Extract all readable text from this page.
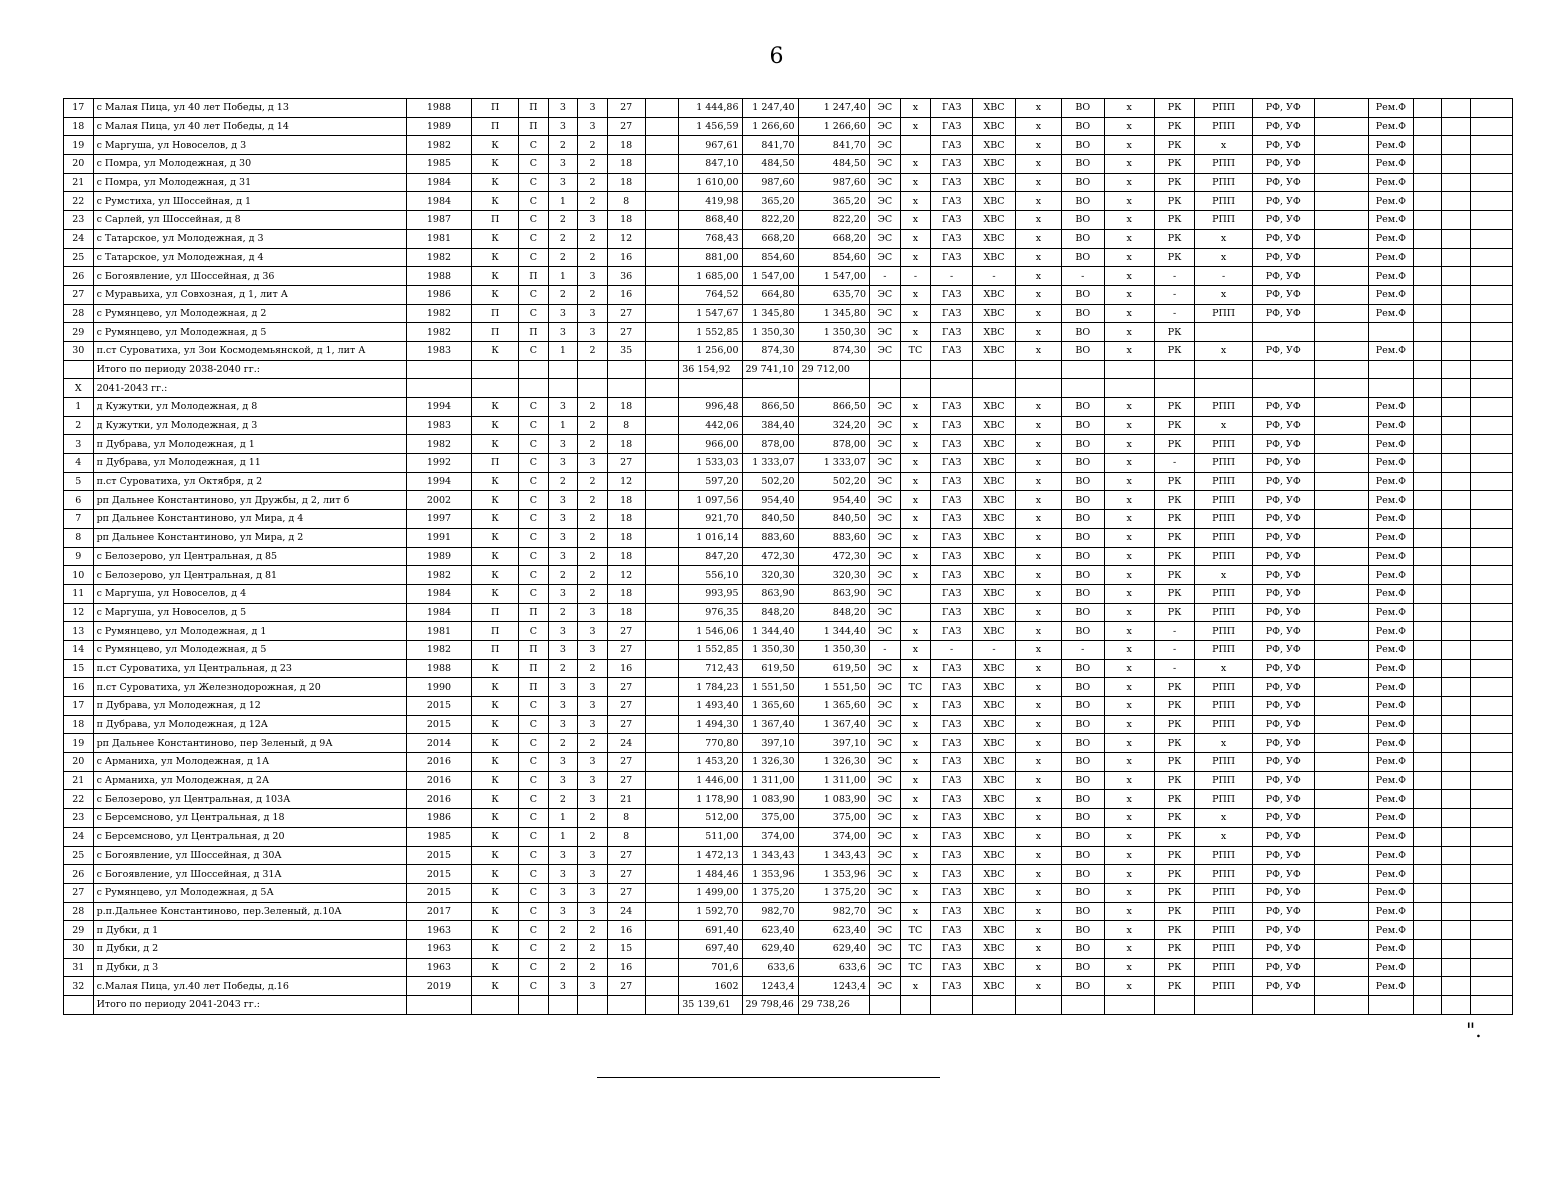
6
17	с Малая Пица, ул 40 лет Победы, д 13	1988	П	П	3	3	27		1 444,86	1 247,40	1 247,40	ЭС	х	ГАЗ	ХВС	х	ВО	х	РК	РПП	РФ, УФ		Рем.Ф			
18	с Малая Пица, ул 40 лет Победы, д 14	1989	П	П	3	3	27		1 456,59	1 266,60	1 266,60	ЭС	х	ГАЗ	ХВС	х	ВО	х	РК	РПП	РФ, УФ		Рем.Ф			
19	с Маргуша, ул Новоселов, д 3	1982	К	С	2	2	18		967,61	841,70	841,70	ЭС		ГАЗ	ХВС	х	ВО	х	РК	х	РФ, УФ		Рем.Ф			
20	с Помра, ул Молодежная, д 30	1985	К	С	3	2	18		847,10	484,50	484,50	ЭС	х	ГАЗ	ХВС	х	ВО	х	РК	РПП	РФ, УФ		Рем.Ф			
21	с Помра, ул Молодежная, д 31	1984	К	С	3	2	18		1 610,00	987,60	987,60	ЭС	х	ГАЗ	ХВС	х	ВО	х	РК	РПП	РФ, УФ		Рем.Ф			
22	с Румстиха, ул Шоссейная, д 1	1984	К	С	1	2	8		419,98	365,20	365,20	ЭС	х	ГАЗ	ХВС	х	ВО	х	РК	РПП	РФ, УФ		Рем.Ф			
23	с Сарлей, ул Шоссейная, д 8	1987	П	С	2	3	18		868,40	822,20	822,20	ЭС	х	ГАЗ	ХВС	х	ВО	х	РК	РПП	РФ, УФ		Рем.Ф			
24	с Татарское, ул Молодежная, д 3	1981	К	С	2	2	12		768,43	668,20	668,20	ЭС	х	ГАЗ	ХВС	х	ВО	х	РК	х	РФ, УФ		Рем.Ф			
25	с Татарское, ул Молодежная, д 4	1982	К	С	2	2	16		881,00	854,60	854,60	ЭС	х	ГАЗ	ХВС	х	ВО	х	РК	х	РФ, УФ		Рем.Ф			
26	с Богоявление, ул Шоссейная, д 36	1988	К	П	1	3	36		1 685,00	1 547,00	1 547,00	-	-	-	-	х	-	х	-	-	РФ, УФ		Рем.Ф			
27	с Муравьиха, ул Совхозная, д 1, лит А	1986	К	С	2	2	16		764,52	664,80	635,70	ЭС	х	ГАЗ	ХВС	х	ВО	х	-	х	РФ, УФ		Рем.Ф			
28	с Румянцево, ул Молодежная, д 2	1982	П	С	3	3	27		1 547,67	1 345,80	1 345,80	ЭС	х	ГАЗ	ХВС	х	ВО	х	-	РПП	РФ, УФ		Рем.Ф			
29	с Румянцево, ул Молодежная, д 5	1982	П	П	3	3	27		1 552,85	1 350,30	1 350,30	ЭС	х	ГАЗ	ХВС	х	ВО	х	РК							
30	п.ст Суроватиха, ул Зои Космодемьянской, д 1, лит А	1983	К	С	1	2	35		1 256,00	874,30	874,30	ЭС	ТС	ГАЗ	ХВС	х	ВО	х	РК	х	РФ, УФ		Рем.Ф			
	Итого по периоду 2038-2040 гг.:								36 154,92	29 741,10	29 712,00															
X	2041-2043 гг.:																									
1	д Кужутки, ул Молодежная, д 8	1994	К	С	3	2	18		996,48	866,50	866,50	ЭС	х	ГАЗ	ХВС	х	ВО	х	РК	РПП	РФ, УФ		Рем.Ф			
2	д Кужутки, ул Молодежная, д 3	1983	К	С	1	2	8		442,06	384,40	324,20	ЭС	х	ГАЗ	ХВС	х	ВО	х	РК	х	РФ, УФ		Рем.Ф			
3	п Дубрава, ул Молодежная, д 1	1982	К	С	3	2	18		966,00	878,00	878,00	ЭС	х	ГАЗ	ХВС	х	ВО	х	РК	РПП	РФ, УФ		Рем.Ф			
4	п Дубрава, ул Молодежная, д 11	1992	П	С	3	3	27		1 533,03	1 333,07	1 333,07	ЭС	х	ГАЗ	ХВС	х	ВО	х	-	РПП	РФ, УФ		Рем.Ф			
5	п.ст Суроватиха, ул Октября, д 2	1994	К	С	2	2	12		597,20	502,20	502,20	ЭС	х	ГАЗ	ХВС	х	ВО	х	РК	РПП	РФ, УФ		Рем.Ф			
6	рп Дальнее Константиново, ул Дружбы, д 2, лит б	2002	К	С	3	2	18		1 097,56	954,40	954,40	ЭС	х	ГАЗ	ХВС	х	ВО	х	РК	РПП	РФ, УФ		Рем.Ф			
7	рп Дальнее Константиново, ул Мира, д 4	1997	К	С	3	2	18		921,70	840,50	840,50	ЭС	х	ГАЗ	ХВС	х	ВО	х	РК	РПП	РФ, УФ		Рем.Ф			
8	рп Дальнее Константиново, ул Мира, д 2	1991	К	С	3	2	18		1 016,14	883,60	883,60	ЭС	х	ГАЗ	ХВС	х	ВО	х	РК	РПП	РФ, УФ		Рем.Ф			
9	с Белозерово, ул Центральная, д 85	1989	К	С	3	2	18		847,20	472,30	472,30	ЭС	х	ГАЗ	ХВС	х	ВО	х	РК	РПП	РФ, УФ		Рем.Ф			
10	с Белозерово, ул Центральная, д 81	1982	К	С	2	2	12		556,10	320,30	320,30	ЭС	х	ГАЗ	ХВС	х	ВО	х	РК	х	РФ, УФ		Рем.Ф			
11	с Маргуша, ул Новоселов, д 4	1984	К	С	3	2	18		993,95	863,90	863,90	ЭС		ГАЗ	ХВС	х	ВО	х	РК	РПП	РФ, УФ		Рем.Ф			
12	с Маргуша, ул Новоселов, д 5	1984	П	П	2	3	18		976,35	848,20	848,20	ЭС		ГАЗ	ХВС	х	ВО	х	РК	РПП	РФ, УФ		Рем.Ф			
13	с Румянцево, ул Молодежная, д 1	1981	П	С	3	3	27		1 546,06	1 344,40	1 344,40	ЭС	х	ГАЗ	ХВС	х	ВО	х	-	РПП	РФ, УФ		Рем.Ф			
14	с Румянцево, ул Молодежная, д 5	1982	П	П	3	3	27		1 552,85	1 350,30	1 350,30	-	х	-	-	х	-	х	-	РПП	РФ, УФ		Рем.Ф			
15	п.ст Суроватиха, ул Центральная, д 23	1988	К	П	2	2	16		712,43	619,50	619,50	ЭС	х	ГАЗ	ХВС	х	ВО	х	-	х	РФ, УФ		Рем.Ф			
16	п.ст Суроватиха, ул Железнодорожная, д 20	1990	К	П	3	3	27		1 784,23	1 551,50	1 551,50	ЭС	ТС	ГАЗ	ХВС	х	ВО	х	РК	РПП	РФ, УФ		Рем.Ф			
17	п Дубрава, ул Молодежная, д 12	2015	К	С	3	3	27		1 493,40	1 365,60	1 365,60	ЭС	х	ГАЗ	ХВС	х	ВО	х	РК	РПП	РФ, УФ		Рем.Ф			
18	п Дубрава, ул Молодежная, д 12А	2015	К	С	3	3	27		1 494,30	1 367,40	1 367,40	ЭС	х	ГАЗ	ХВС	х	ВО	х	РК	РПП	РФ, УФ		Рем.Ф			
19	рп Дальнее Константиново, пер Зеленый, д 9А	2014	К	С	2	2	24		770,80	397,10	397,10	ЭС	х	ГАЗ	ХВС	х	ВО	х	РК	х	РФ, УФ		Рем.Ф			
20	с Арманиха, ул Молодежная, д 1А	2016	К	С	3	3	27		1 453,20	1 326,30	1 326,30	ЭС	х	ГАЗ	ХВС	х	ВО	х	РК	РПП	РФ, УФ		Рем.Ф			
21	с Арманиха, ул Молодежная, д 2А	2016	К	С	3	3	27		1 446,00	1 311,00	1 311,00	ЭС	х	ГАЗ	ХВС	х	ВО	х	РК	РПП	РФ, УФ		Рем.Ф			
22	с Белозерово, ул Центральная, д 103А	2016	К	С	2	3	21		1 178,90	1 083,90	1 083,90	ЭС	х	ГАЗ	ХВС	х	ВО	х	РК	РПП	РФ, УФ		Рем.Ф			
23	с Берсемсново, ул Центральная, д 18	1986	К	С	1	2	8		512,00	375,00	375,00	ЭС	х	ГАЗ	ХВС	х	ВО	х	РК	х	РФ, УФ		Рем.Ф			
24	с Берсемсново, ул Центральная, д 20	1985	К	С	1	2	8		511,00	374,00	374,00	ЭС	х	ГАЗ	ХВС	х	ВО	х	РК	х	РФ, УФ		Рем.Ф			
25	с Богоявление, ул Шоссейная, д 30А	2015	К	С	3	3	27		1 472,13	1 343,43	1 343,43	ЭС	х	ГАЗ	ХВС	х	ВО	х	РК	РПП	РФ, УФ		Рем.Ф			
26	с Богоявление, ул Шоссейная, д 31А	2015	К	С	3	3	27		1 484,46	1 353,96	1 353,96	ЭС	х	ГАЗ	ХВС	х	ВО	х	РК	РПП	РФ, УФ		Рем.Ф			
27	с Румянцево, ул Молодежная, д 5А	2015	К	С	3	3	27		1 499,00	1 375,20	1 375,20	ЭС	х	ГАЗ	ХВС	х	ВО	х	РК	РПП	РФ, УФ		Рем.Ф			
28	р.п.Дальнее Константиново, пер.Зеленый, д.10А	2017	К	С	3	3	24		1 592,70	982,70	982,70	ЭС	х	ГАЗ	ХВС	х	ВО	х	РК	РПП	РФ, УФ		Рем.Ф			
29	п Дубки, д 1	1963	К	С	2	2	16		691,40	623,40	623,40	ЭС	ТС	ГАЗ	ХВС	х	ВО	х	РК	РПП	РФ, УФ		Рем.Ф			
30	п Дубки, д 2	1963	К	С	2	2	15		697,40	629,40	629,40	ЭС	ТС	ГАЗ	ХВС	х	ВО	х	РК	РПП	РФ, УФ		Рем.Ф			
31	п Дубки, д 3	1963	К	С	2	2	16		701,6	633,6	633,6	ЭС	ТС	ГАЗ	ХВС	х	ВО	х	РК	РПП	РФ, УФ		Рем.Ф			
32	с.Малая Пица, ул.40 лет Победы, д.16	2019	К	С	3	3	27		1602	1243,4	1243,4	ЭС	х	ГАЗ	ХВС	х	ВО	х	РК	РПП	РФ, УФ		Рем.Ф			
	Итого по периоду 2041-2043 гг.:								35 139,61	29 798,46	29 738,26															
".
